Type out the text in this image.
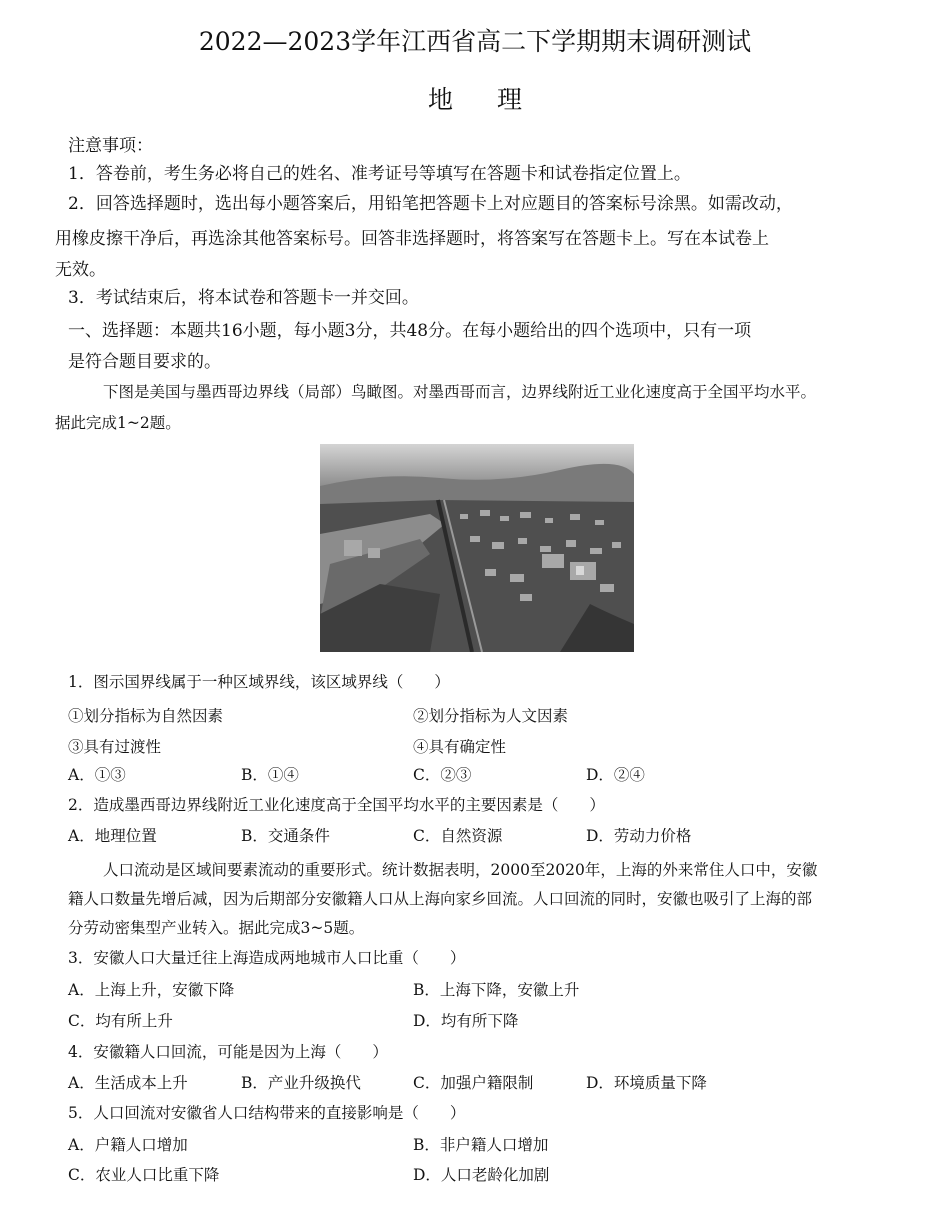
2022—2023学年江西省高二下学期期末调研测试
地理
注意事项：
1．答卷前，考生务必将自己的姓名、准考证号等填写在答题卡和试卷指定位置上。
2．回答选择题时，选出每小题答案后，用铅笔把答题卡上对应题目的答案标号涂黑。如需改动，
用橡皮擦干净后，再选涂其他答案标号。回答非选择题时，将答案写在答题卡上。写在本试卷上
无效。
3．考试结束后，将本试卷和答题卡一并交回。
一、选择题：本题共16小题，每小题3分，共48分。在每小题给出的四个选项中，只有一项
是符合题目要求的。
下图是美国与墨西哥边界线（局部）鸟瞰图。对墨西哥而言，边界线附近工业化速度高于全国平均水平。
据此完成1~2题。
1．图示国界线属于一种区域界线，该区域界线（　　）
①划分指标为自然因素	②划分指标为人文因素
③具有过渡性	④具有确定性
A．①③	B．①④	C．②③	D．②④
2．造成墨西哥边界线附近工业化速度高于全国平均水平的主要因素是（　　）
A．地理位置	B．交通条件	C．自然资源	D．劳动力价格
人口流动是区域间要素流动的重要形式。统计数据表明，2000至2020年，上海的外来常住人口中，安徽
籍人口数量先增后减，因为后期部分安徽籍人口从上海向家乡回流。人口回流的同时，安徽也吸引了上海的部
分劳动密集型产业转入。据此完成3~5题。
3．安徽人口大量迁往上海造成两地城市人口比重（　　）
A．上海上升，安徽下降	B．上海下降，安徽上升
C．均有所上升	D．均有所下降
4．安徽籍人口回流，可能是因为上海（　　）
A．生活成本上升	B．产业升级换代	C．加强户籍限制	D．环境质量下降
5．人口回流对安徽省人口结构带来的直接影响是（　　）
A．户籍人口增加	B．非户籍人口增加
C．农业人口比重下降	D．人口老龄化加剧
